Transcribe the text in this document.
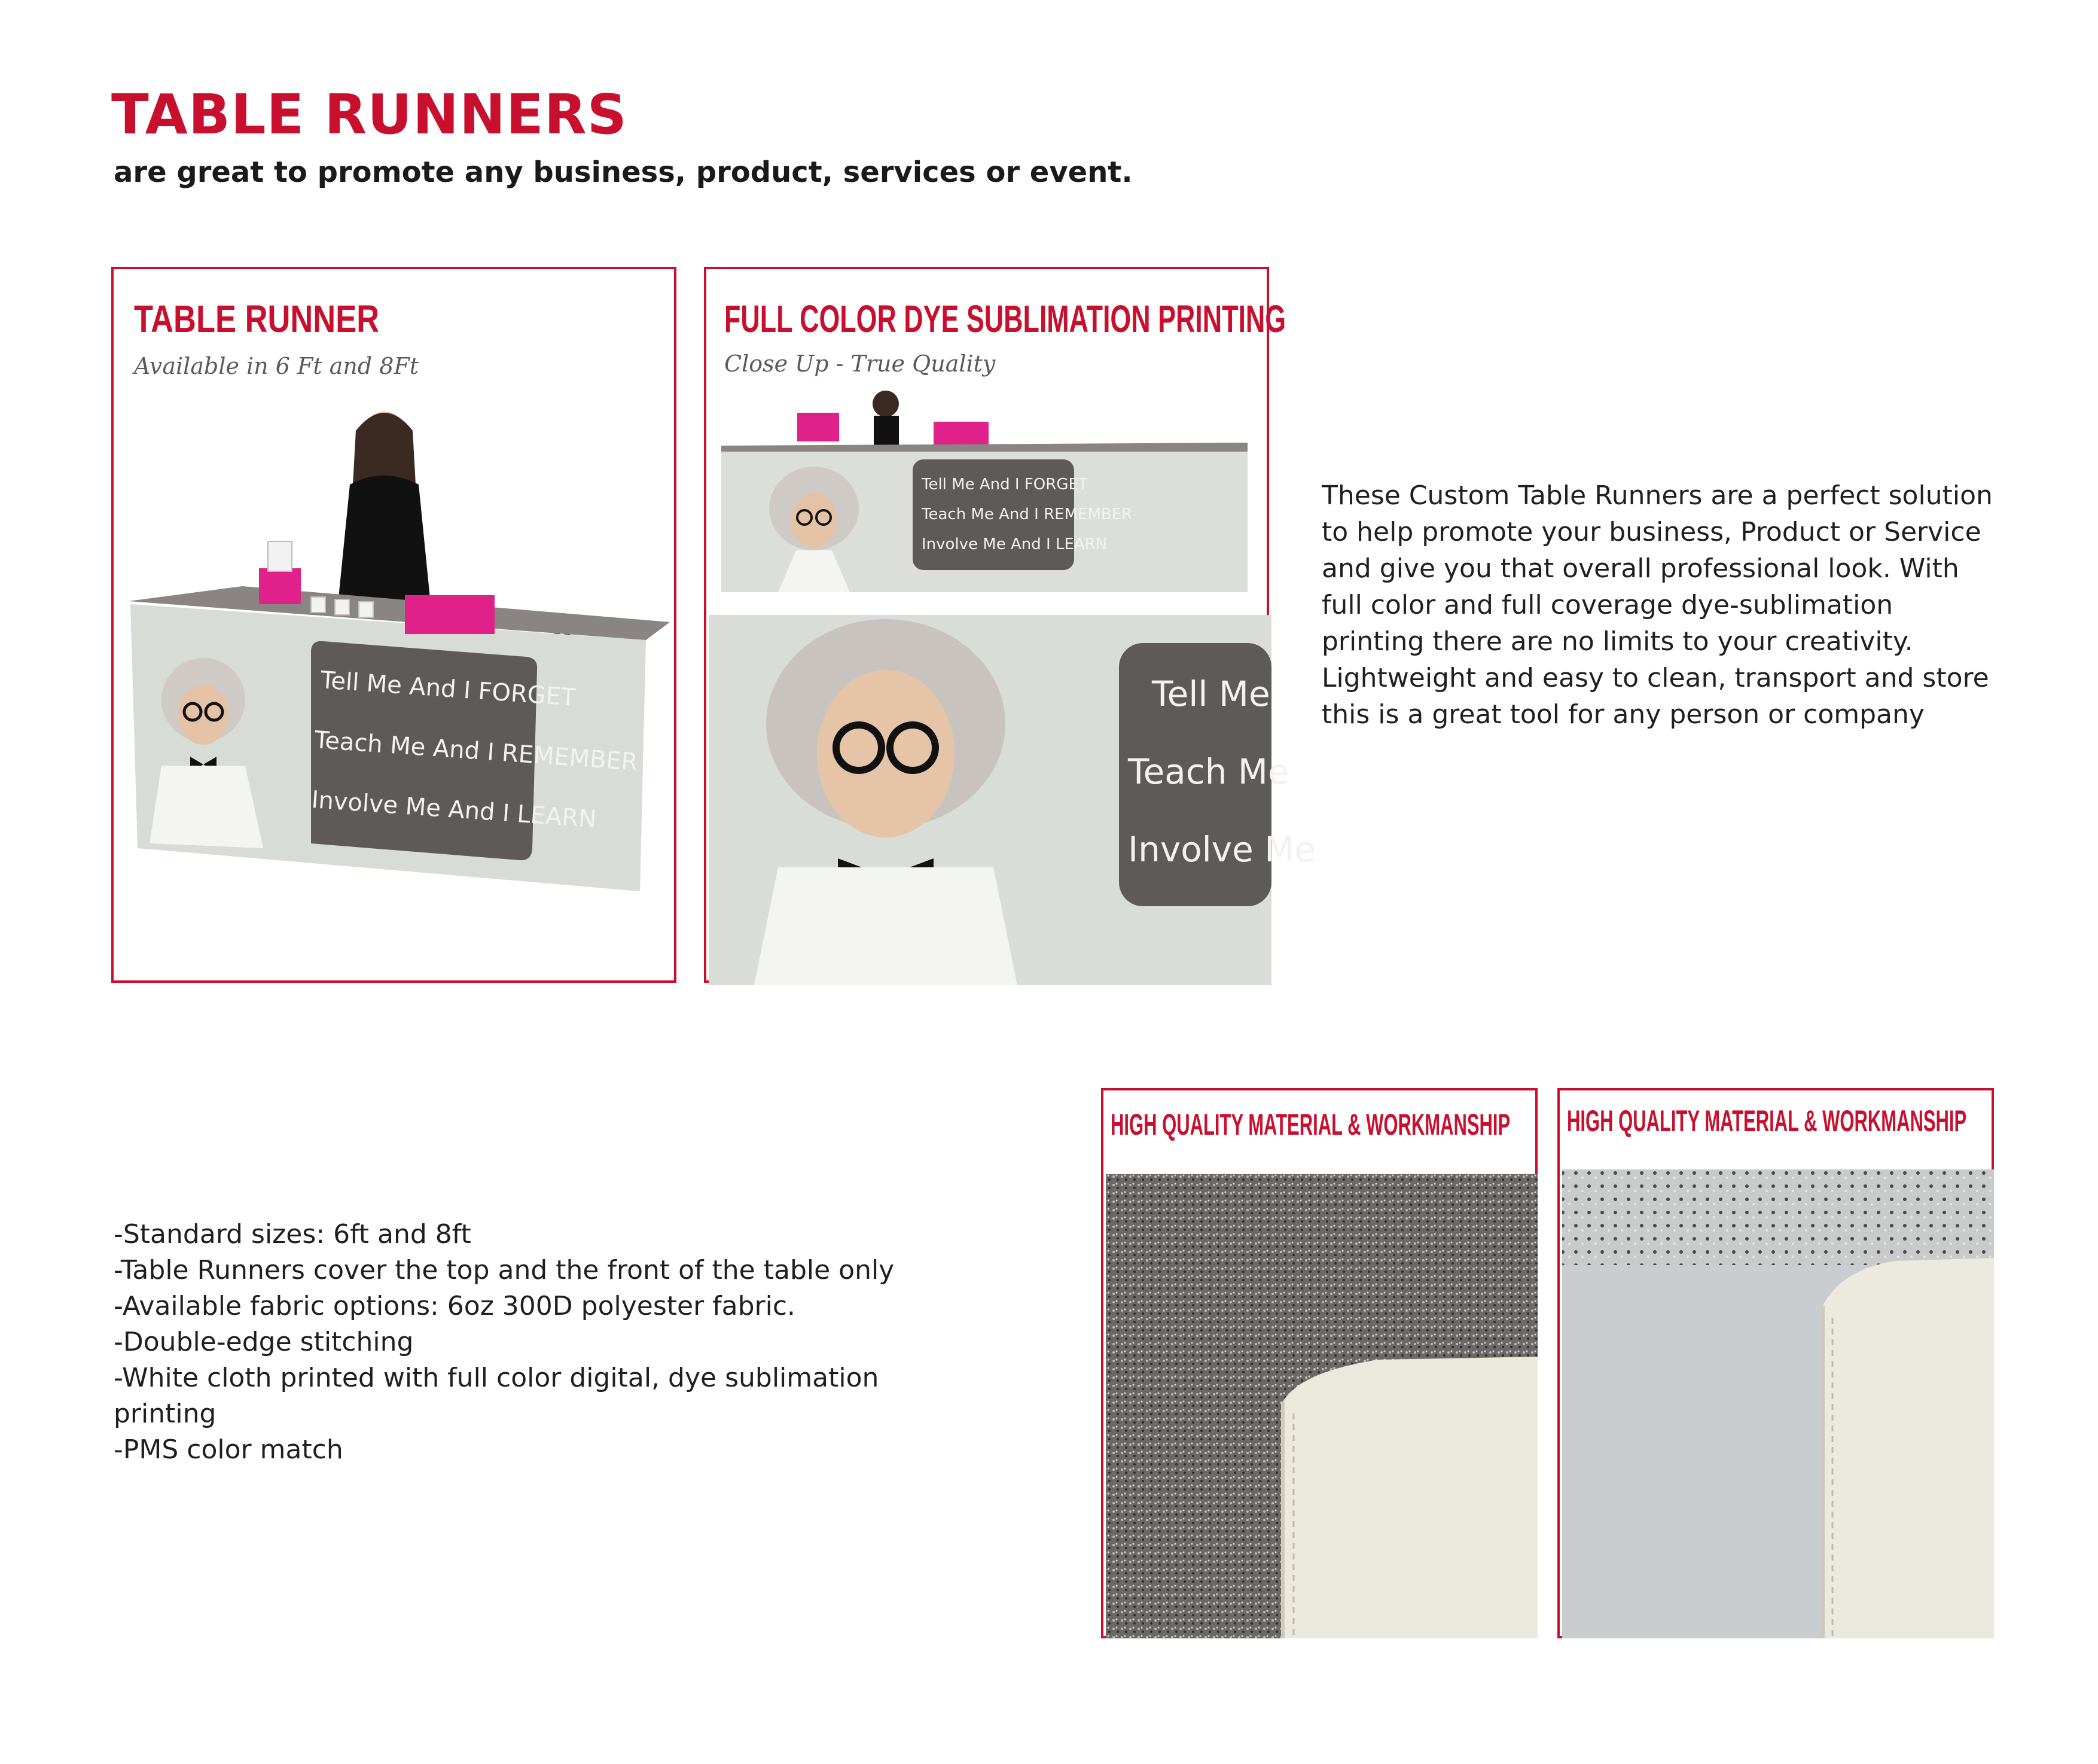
TABLE RUNNERS
are great to promote any business, product, services or event.
TABLE RUNNER
Available in 6 Ft and 8Ft
Tell Me And I FORGET
Teach Me And I REMEMBER
Involve Me And I LEARN
FULL COLOR DYE SUBLIMATION PRINTING
Close Up - True Quality
Tell Me And I FORGET
Teach Me And I REMEMBER
Involve Me And I LEARN
Tell Me
Teach Me
Involve Me
These Custom Table Runners are a perfect solution to help promote your business, Product or Service and give you that overall professional look. With full color and full coverage dye-sublimation printing there are no limits to your creativity. Lightweight and easy to clean, transport and store this is a great tool for any person or company
-Standard sizes: 6ft and 8ft
-Table Runners cover the top and the front of the table only
-Available fabric options: 6oz 300D polyester fabric.
-Double-edge stitching
-White cloth printed with full color digital, dye sublimation printing
-PMS color match
HIGH QUALITY MATERIAL & WORKMANSHIP HIGH QUALITY MATERIAL & WORKMANSHIP
